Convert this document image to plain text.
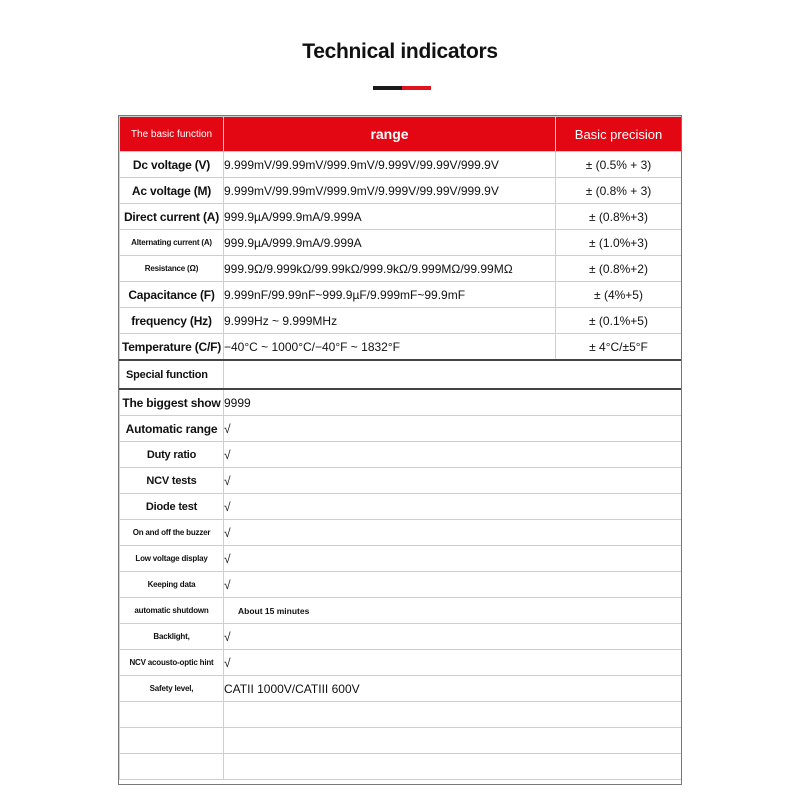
Technical indicators
The basic function	range	Basic precision
Dc voltage (V)	9.999mV/99.99mV/999.9mV/9.999V/99.99V/999.9V	± (0.5% + 3)
Ac voltage (M)	9.999mV/99.99mV/999.9mV/9.999V/99.99V/999.9V	± (0.8% + 3)
Direct current (A)	999.9µA/999.9mA/9.999A	± (0.8%+3)
Alternating current (A)	999.9µA/999.9mA/9.999A	± (1.0%+3)
Resistance (Ω)	999.9Ω/9.999kΩ/99.99kΩ/999.9kΩ/9.999MΩ/99.99MΩ	± (0.8%+2)
Capacitance (F)	9.999nF/99.99nF~999.9µF/9.999mF~99.9mF	± (4%+5)
frequency (Hz)	9.999Hz ~ 9.999MHz	± (0.1%+5)
Temperature (C/F)	−40°C ~ 1000°C/−40°F ~ 1832°F	± 4°C/±5°F
Special function		
The biggest show	9999	
Automatic range	√	
Duty ratio	√	
NCV tests	√	
Diode test	√	
On and off the buzzer	√	
Low voltage display	√	
Keeping data	√	
automatic shutdown	About 15 minutes	
Backlight,	√	
NCV acousto-optic hint	√	
Safety level,	CATII 1000V/CATIII 600V	
